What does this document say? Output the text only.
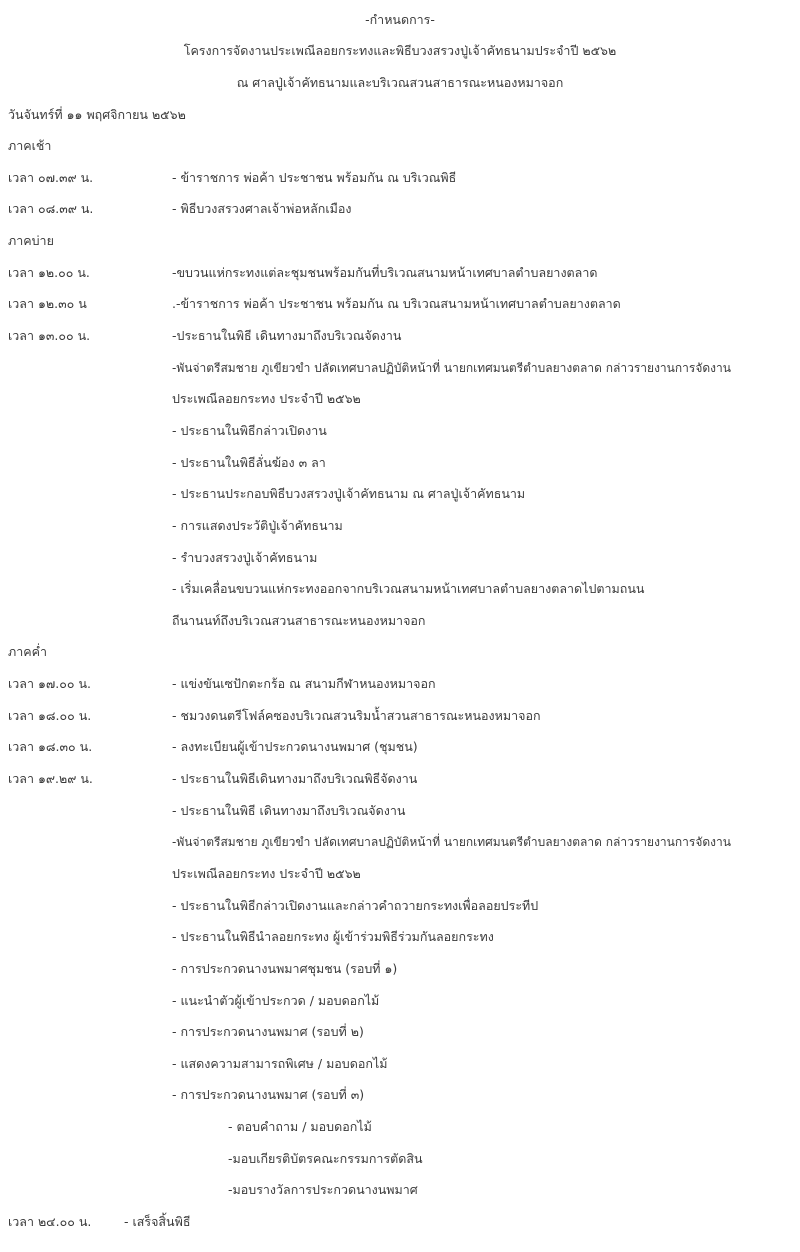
-กำหนดการ-

โครงการจัดงานประเพณีลอยกระทงและพิธีบวงสรวงปู่เจ้าคัทธนามประจำปี ๒๕๖๒

ณ ศาลปู่เจ้าคัทธนามและบริเวณสวนสาธารณะหนองหมาจอก

วันจันทร์ที่ ๑๑ พฤศจิกายน ๒๕๖๒

ภาคเช้า

เวลา ๐๗.๓๙ น.	- ข้าราชการ พ่อค้า ประชาชน พร้อมกัน ณ บริเวณพิธี

เวลา ๐๘.๓๙ น.	- พิธีบวงสรวงศาลเจ้าพ่อหลักเมือง

ภาคบ่าย

เวลา ๑๒.๐๐ น.	-ขบวนแห่กระทงแต่ละชุมชนพร้อมกันที่บริเวณสนามหน้าเทศบาลตำบลยางตลาด

เวลา ๑๒.๓๐ น	.-ข้าราชการ พ่อค้า ประชาชน พร้อมกัน ณ บริเวณสนามหน้าเทศบาลตำบลยางตลาด

เวลา ๑๓.๐๐ น.	-ประธานในพิธี เดินทางมาถึงบริเวณจัดงาน

-พันจ่าตรีสมชาย ภูเขียวขำ ปลัดเทศบาลปฏิบัติหน้าที่ นายกเทศมนตรีตำบลยางตลาด กล่าวรายงานการจัดงาน

ประเพณีลอยกระทง ประจำปี ๒๕๖๒

- ประธานในพิธีกล่าวเปิดงาน

- ประธานในพิธีลั่นฆ้อง ๓ ลา

- ประธานประกอบพิธีบวงสรวงปู่เจ้าคัทธนาม ณ ศาลปู่เจ้าคัทธนาม

- การแสดงประวัติปู่เจ้าคัทธนาม

- รำบวงสรวงปู่เจ้าคัทธนาม

- เริ่มเคลื่อนขบวนแห่กระทงออกจากบริเวณสนามหน้าเทศบาลตำบลยางตลาดไปตามถนน

ถีนานนท์ถึงบริเวณสวนสาธารณะหนองหมาจอก

ภาคค่ำ

เวลา ๑๗.๐๐ น.	- แข่งขันเซปักตะกร้อ ณ สนามกีฬาหนองหมาจอก

เวลา ๑๘.๐๐ น.	- ชมวงดนตรีโฟล์คซองบริเวณสวนริมน้ำสวนสาธารณะหนองหมาจอก

เวลา ๑๘.๓๐ น.	- ลงทะเบียนผู้เข้าประกวดนางนพมาศ (ชุมชน)

เวลา ๑๙.๒๙ น.	- ประธานในพิธีเดินทางมาถึงบริเวณพิธีจัดงาน

- ประธานในพิธี เดินทางมาถึงบริเวณจัดงาน

-พันจ่าตรีสมชาย ภูเขียวขำ ปลัดเทศบาลปฏิบัติหน้าที่ นายกเทศมนตรีตำบลยางตลาด กล่าวรายงานการจัดงาน

ประเพณีลอยกระทง ประจำปี ๒๕๖๒

- ประธานในพิธีกล่าวเปิดงานและกล่าวคำถวายกระทงเพื่อลอยประทีป

- ประธานในพิธีนำลอยกระทง ผู้เข้าร่วมพิธีร่วมกันลอยกระทง

- การประกวดนางนพมาศชุมชน (รอบที่ ๑)

- แนะนำตัวผู้เข้าประกวด / มอบดอกไม้

- การประกวดนางนพมาศ (รอบที่ ๒)

- แสดงความสามารถพิเศษ / มอบดอกไม้

- การประกวดนางนพมาศ (รอบที่ ๓)

- ตอบคำถาม / มอบดอกไม้

-มอบเกียรติบัตรคณะกรรมการตัดสิน

-มอบรางวัลการประกวดนางนพมาศ

เวลา ๒๔.๐๐ น.	- เสร็จสิ้นพิธี
